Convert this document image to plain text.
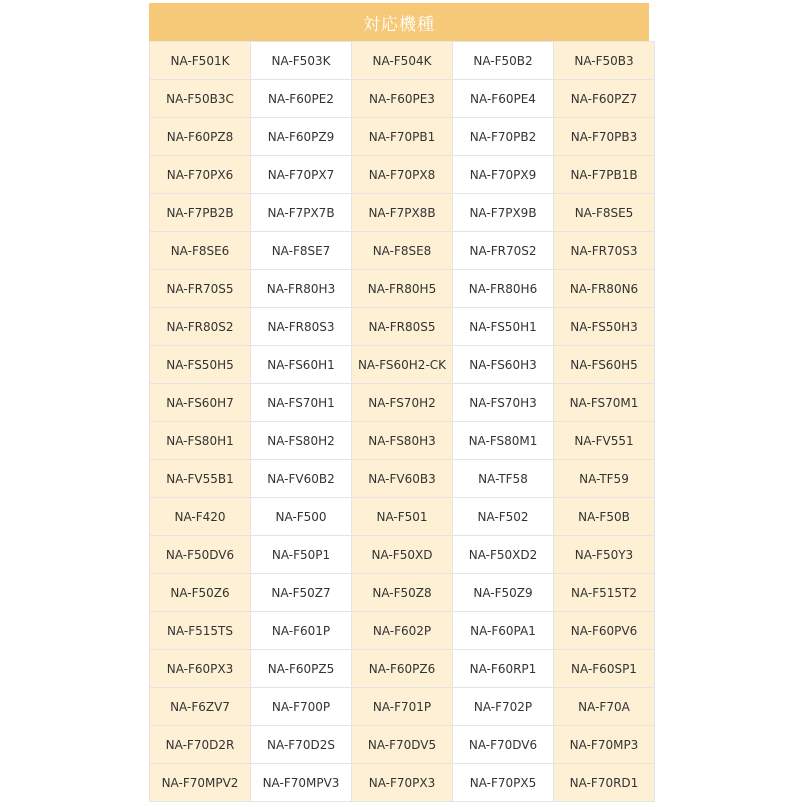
対応機種
NA-F501K	NA-F503K	NA-F504K	NA-F50B2	NA-F50B3
NA-F50B3C	NA-F60PE2	NA-F60PE3	NA-F60PE4	NA-F60PZ7
NA-F60PZ8	NA-F60PZ9	NA-F70PB1	NA-F70PB2	NA-F70PB3
NA-F70PX6	NA-F70PX7	NA-F70PX8	NA-F70PX9	NA-F7PB1B
NA-F7PB2B	NA-F7PX7B	NA-F7PX8B	NA-F7PX9B	NA-F8SE5
NA-F8SE6	NA-F8SE7	NA-F8SE8	NA-FR70S2	NA-FR70S3
NA-FR70S5	NA-FR80H3	NA-FR80H5	NA-FR80H6	NA-FR80N6
NA-FR80S2	NA-FR80S3	NA-FR80S5	NA-FS50H1	NA-FS50H3
NA-FS50H5	NA-FS60H1	NA-FS60H2-CK	NA-FS60H3	NA-FS60H5
NA-FS60H7	NA-FS70H1	NA-FS70H2	NA-FS70H3	NA-FS70M1
NA-FS80H1	NA-FS80H2	NA-FS80H3	NA-FS80M1	NA-FV551
NA-FV55B1	NA-FV60B2	NA-FV60B3	NA-TF58	NA-TF59
NA-F420	NA-F500	NA-F501	NA-F502	NA-F50B
NA-F50DV6	NA-F50P1	NA-F50XD	NA-F50XD2	NA-F50Y3
NA-F50Z6	NA-F50Z7	NA-F50Z8	NA-F50Z9	NA-F515T2
NA-F515TS	NA-F601P	NA-F602P	NA-F60PA1	NA-F60PV6
NA-F60PX3	NA-F60PZ5	NA-F60PZ6	NA-F60RP1	NA-F60SP1
NA-F6ZV7	NA-F700P	NA-F701P	NA-F702P	NA-F70A
NA-F70D2R	NA-F70D2S	NA-F70DV5	NA-F70DV6	NA-F70MP3
NA-F70MPV2	NA-F70MPV3	NA-F70PX3	NA-F70PX5	NA-F70RD1
